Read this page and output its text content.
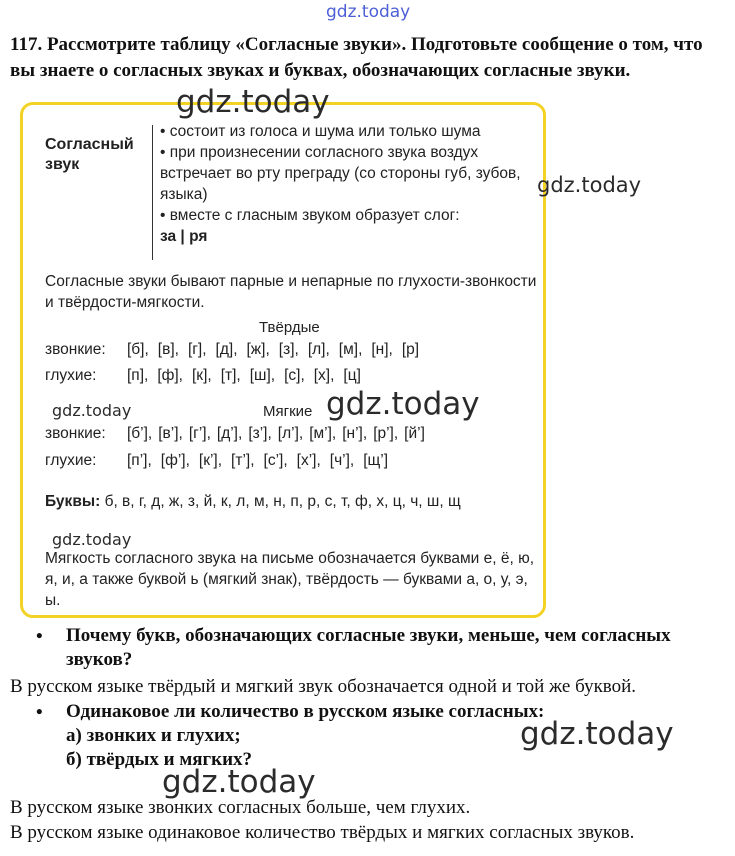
gdz.today

117. Рассмотрите таблицу «Согласные звуки». Подготовьте сообщение о том, что вы знаете о согласных звуках и буквах, обозначающих согласные звуки.

Согласный звук
• состоит из голоса и шума или только шума
• при произнесении согласного звука воздух встречает во рту преграду (со стороны губ, зубов, языка)
• вместе с гласным звуком образует слог:
за | ря

Согласные звуки бывают парные и непарные по глухости-звонкости и твёрдости-мягкости.

Твёрдые
звонкие:	[б], [в], [г], [д], [ж], [з], [л], [м], [н], [р]
глухие:	[п], [ф], [к], [т], [ш], [с], [х], [ц]
Мягкие
звонкие:	[б’], [в’], [г’], [д’], [з’], [л’], [м’], [н’], [р’], [й’]
глухие:	[п’], [ф’], [к’], [т’], [с’], [х’], [ч’], [щ’]
Буквы: б, в, г, д, ж, з, й, к, л, м, н, п, р, с, т, ф, х, ц, ч, ш, щ

Мягкость согласного звука на письме обозначается буквами е, ё, ю, я, и, а также буквой ь (мягкий знак), твёрдость — буквами а, о, у, э, ы.

• Почему букв, обозначающих согласные звуки, меньше, чем согласных звуков?

В русском языке твёрдый и мягкий звук обозначается одной и той же буквой.

• Одинаковое ли количество в русском языке согласных:

а) звонких и глухих;

б) твёрдых и мягких?

В русском языке звонких согласных больше, чем глухих.

В русском языке одинаковое количество твёрдых и мягких согласных звуков.

gdz.today
gdz.today
gdz.today
gdz.today
gdz.today
gdz.today
gdz.today
